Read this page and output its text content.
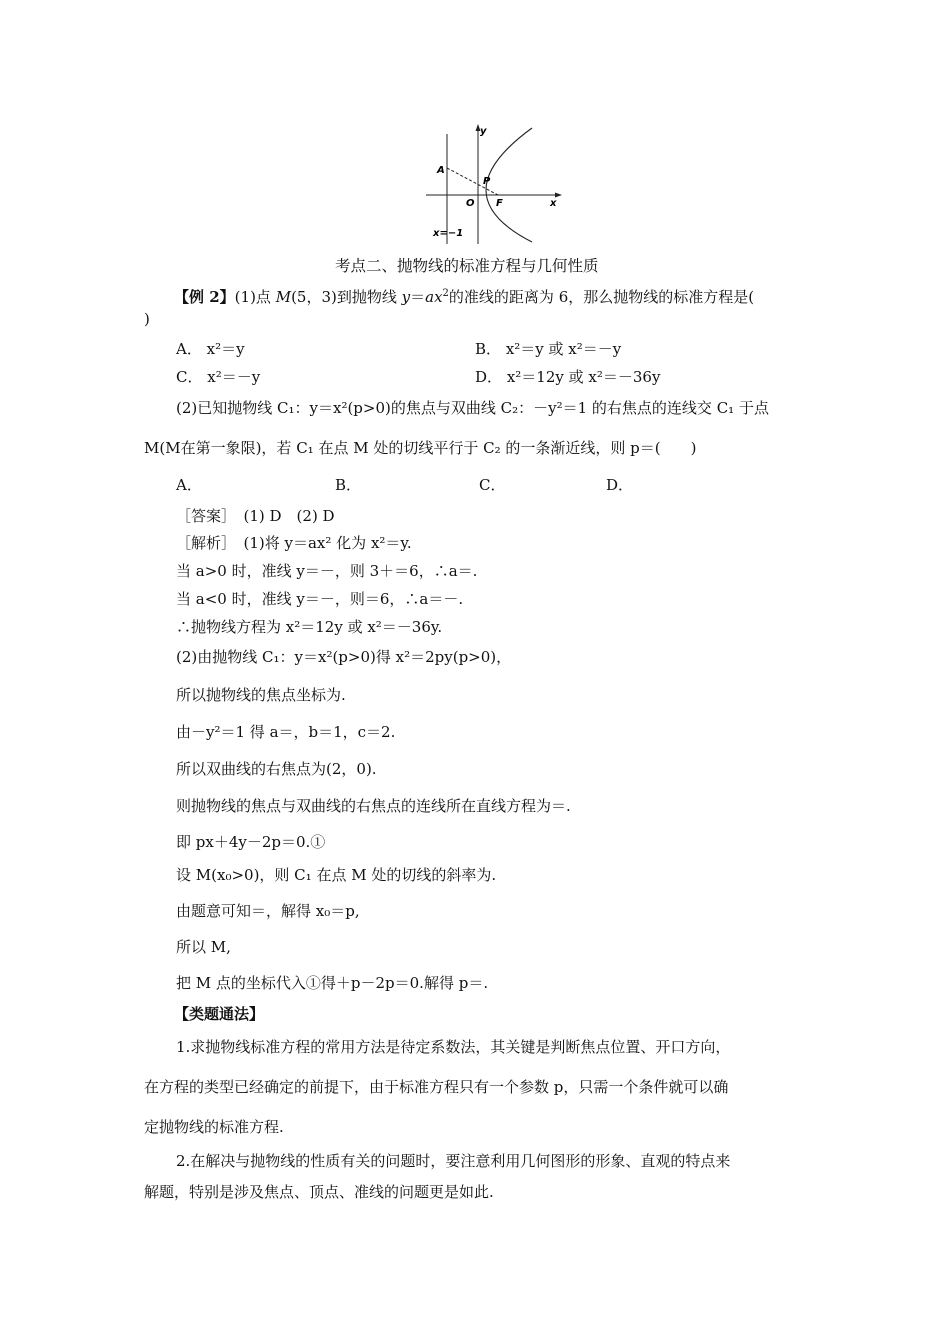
y
x
A
P
O F
x=−1
考点二、抛物线的标准方程与几何性质
【例 2】(1)点 M(5，3)到抛物线 $y=ax^2$的准线的距离为 6，那么抛物线的标准方程是(
)
A． x²＝y	B． x²＝y 或 x²＝－y
C． x²＝－y	D． x²＝12y 或 x²＝－36y
(2)已知抛物线 C₁：y＝x²(p>0)的焦点与双曲线 C₂：－y²＝1 的右焦点的连线交 C₁ 于点
M(M在第一象限)，若 C₁ 在点 M 处的切线平行于 C₂ 的一条渐近线，则 p＝(　　)
A．	B．	C．	D．
［答案］　(1) D　(2) D
［解析］　(1)将 y＝ax² 化为 x²＝y.
当 a>0 时，准线 y＝－，则 3＋＝6，∴a＝.
当 a<0 时，准线 y＝－，则＝6，∴a＝－.
∴抛物线方程为 x²＝12y 或 x²＝－36y.
(2)由抛物线 C₁：y＝x²(p>0)得 x²＝2py(p>0)，
所以抛物线的焦点坐标为.
由－y²＝1 得 a＝，b＝1，c＝2.
所以双曲线的右焦点为(2，0).
则抛物线的焦点与双曲线的右焦点的连线所在直线方程为＝.
即 px＋4y－2p＝0.①
设 M(x₀>0)，则 C₁ 在点 M 处的切线的斜率为.
由题意可知＝，解得 x₀＝p,
所以 M,
把 M 点的坐标代入①得＋p－2p＝0.解得 p＝.
【类题通法】
1.求抛物线标准方程的常用方法是待定系数法，其关键是判断焦点位置、开口方向，
在方程的类型已经确定的前提下，由于标准方程只有一个参数 p，只需一个条件就可以确
定抛物线的标准方程.
2.在解决与抛物线的性质有关的问题时，要注意利用几何图形的形象、直观的特点来
解题，特别是涉及焦点、顶点、准线的问题更是如此.
